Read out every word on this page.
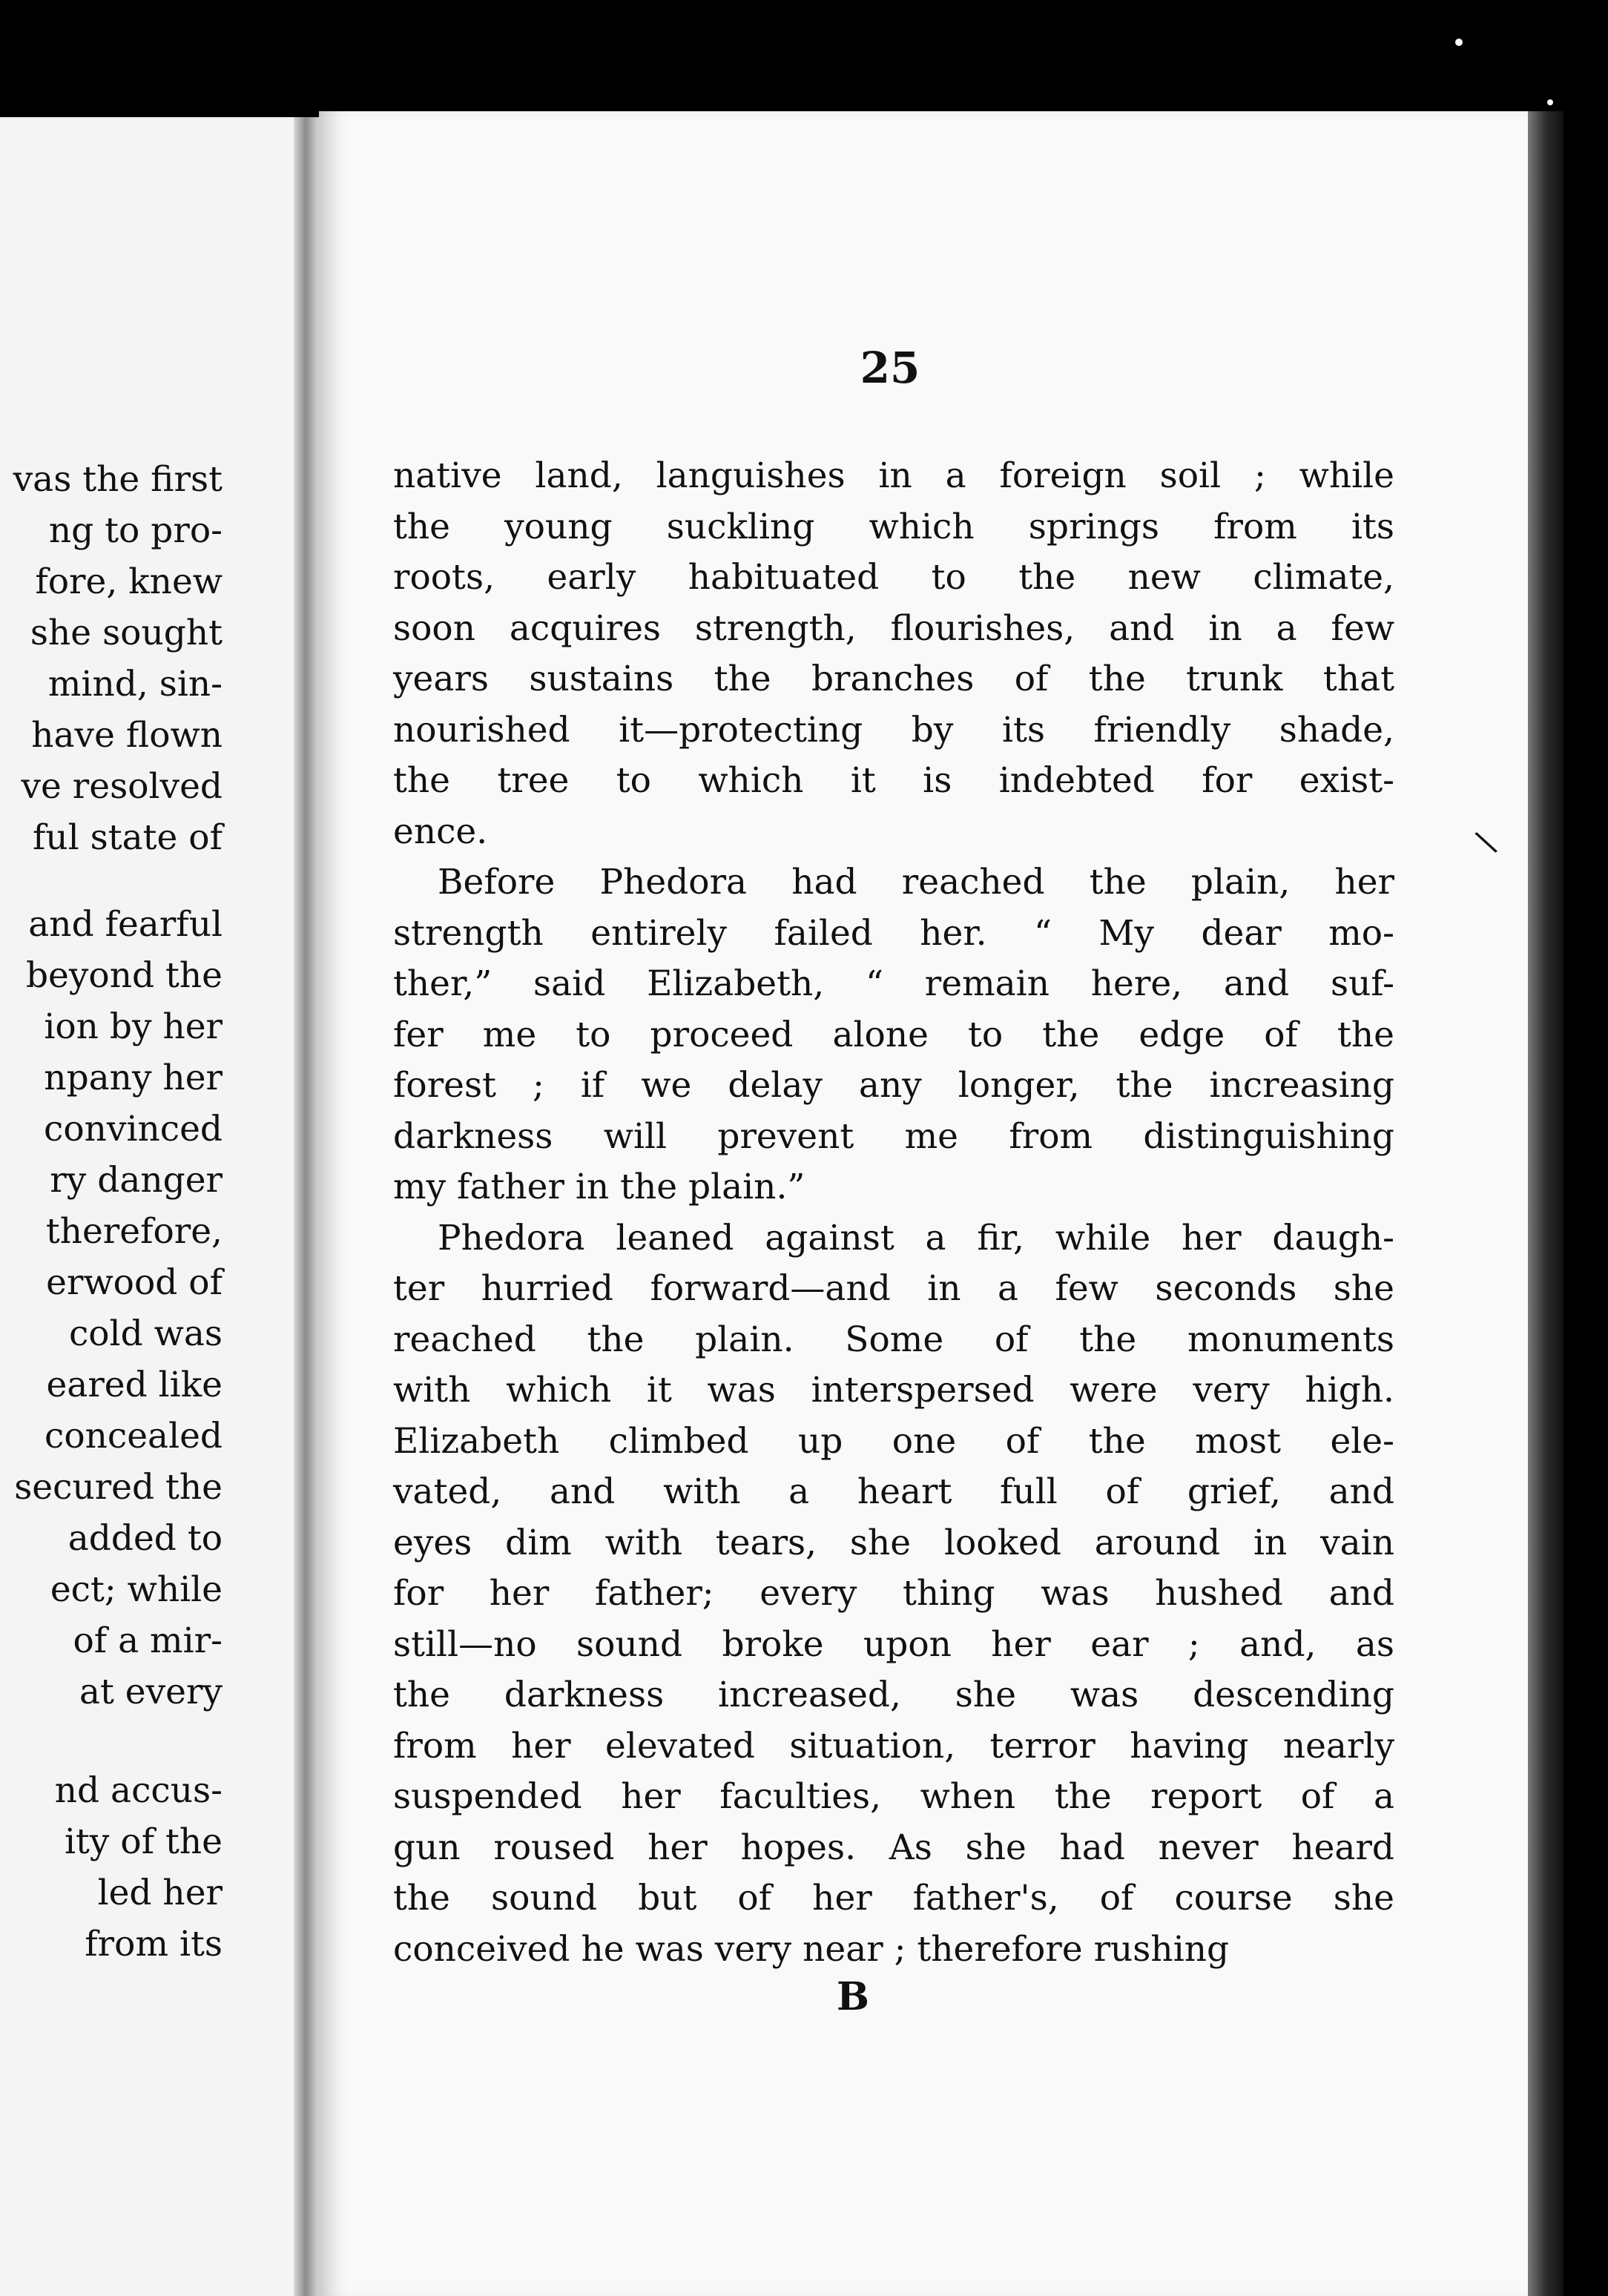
\
vas the first
ng to pro-
fore, knew
she sought
mind, sin-
have flown
ve resolved
ful state of
and fearful
beyond the
ion by her
npany her
convinced
ry danger
therefore,
erwood of
cold was
eared like
concealed
secured the
added to
ect; while
of a mir-
at every
nd accus-
ity of the
led her
from its
25
native land, languishes in a foreign soil ; while
the young suckling which springs from its
roots, early habituated to the new climate,
soon acquires strength, flourishes, and in a few
years sustains the branches of the trunk that
nourished it—protecting by its friendly shade,
the tree to which it is indebted for exist-
ence.
Before Phedora had reached the plain, her
strength entirely failed her. “ My dear mo-
ther,” said Elizabeth, “ remain here, and suf-
fer me to proceed alone to the edge of the
forest ; if we delay any longer, the increasing
darkness will prevent me from distinguishing
my father in the plain.”
Phedora leaned against a fir, while her daugh-
ter hurried forward—and in a few seconds she
reached the plain. Some of the monuments
with which it was interspersed were very high.
Elizabeth climbed up one of the most ele-
vated, and with a heart full of grief, and
eyes dim with tears, she looked around in vain
for her father; every thing was hushed and
still—no sound broke upon her ear ; and, as
the darkness increased, she was descending
from her elevated situation, terror having nearly
suspended her faculties, when the report of a
gun roused her hopes. As she had never heard
the sound but of her father's, of course she
conceived he was very near ; therefore rushing
B
